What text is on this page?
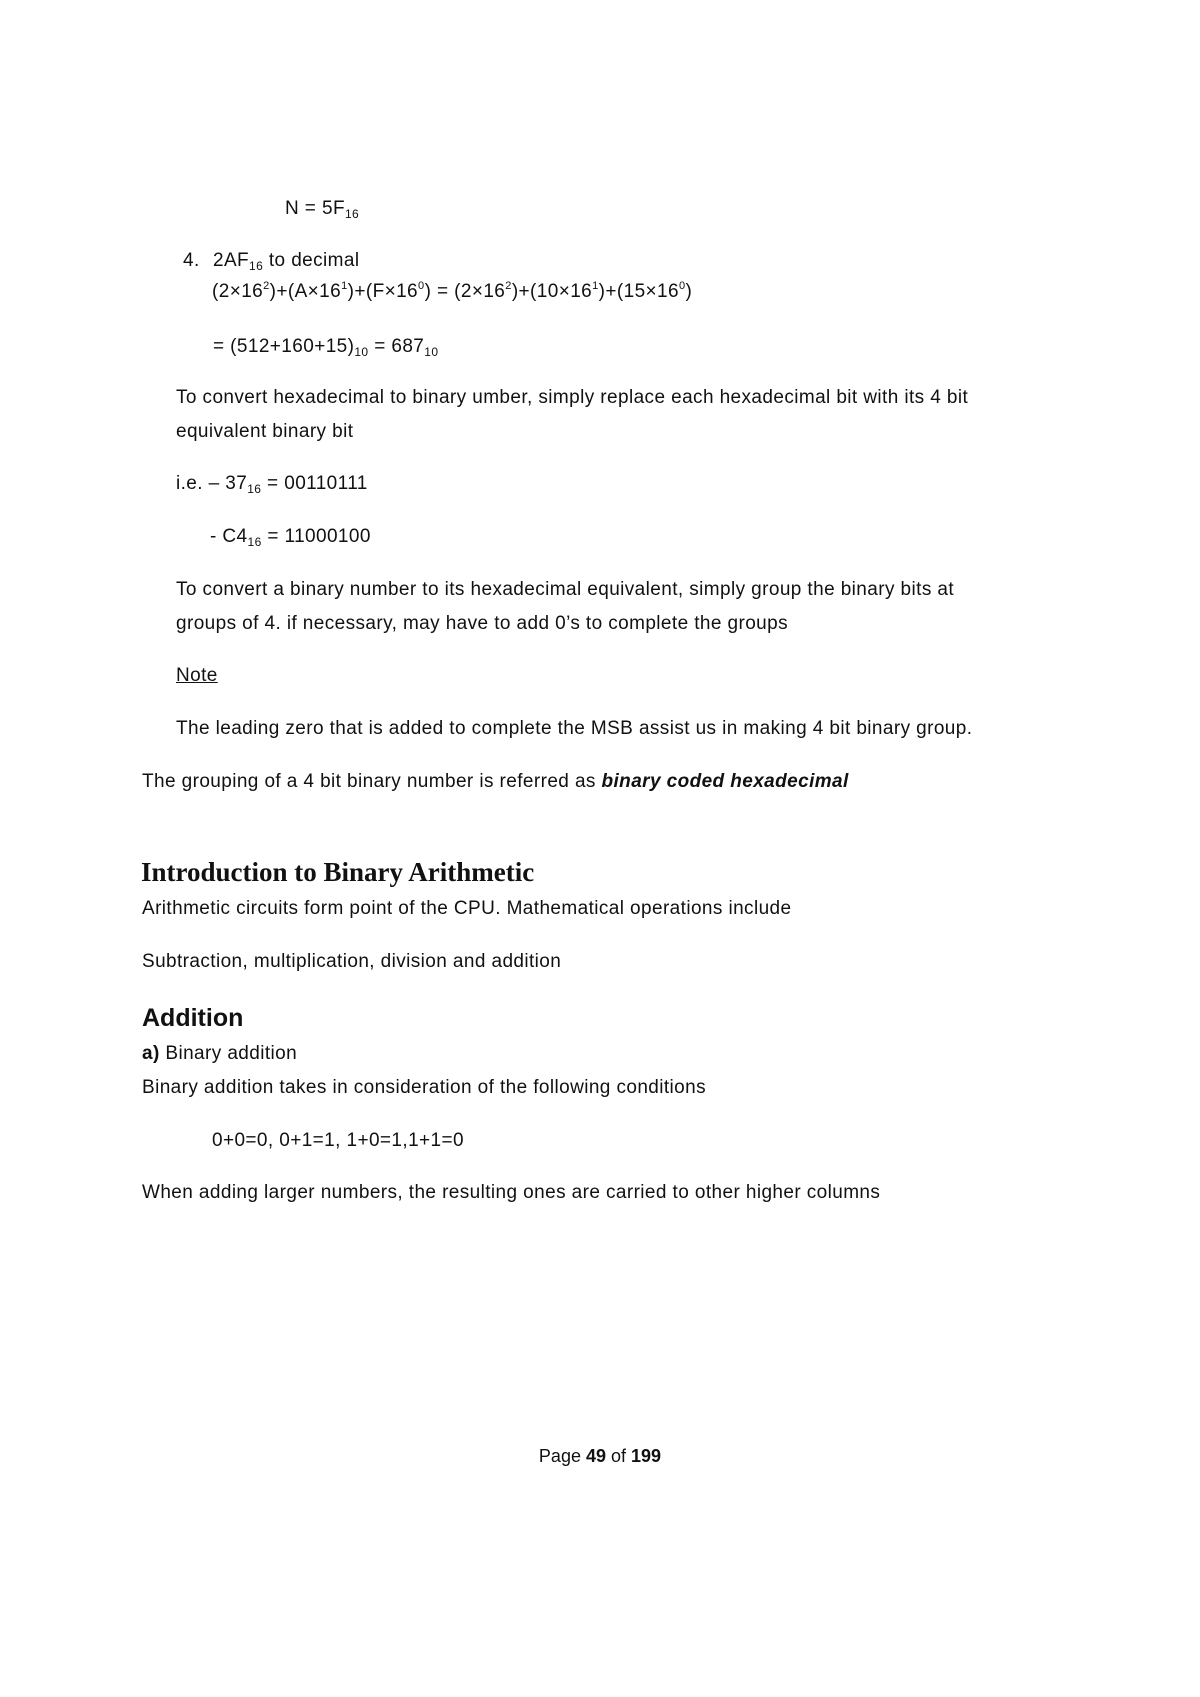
$N = 5F_{16}$
4. $2AF_{16}$ to decimal
$(2\times 16^2)+(A\times 16^1)+(F\times 16^0) = (2\times 16^2)+(10\times 16^1)+(15\times 16^0)$
= $(512+160+15)_{10} = 687_{10}$
To convert hexadecimal to binary umber, simply replace each hexadecimal bit with its 4 bit
equivalent binary bit
i.e. – $37_{16} = 00110111$
- $C4_{16} = 11000100$
To convert a binary number to its hexadecimal equivalent, simply group the binary bits at
groups of 4. if necessary, may have to add 0’s to complete the groups
Note
The leading zero that is added to complete the MSB assist us in making 4 bit binary group.
The grouping of a 4 bit binary number is referred as binary coded hexadecimal
Introduction to Binary Arithmetic
Arithmetic circuits form point of the CPU. Mathematical operations include
Subtraction, multiplication, division and addition
Addition
a) Binary addition
Binary addition takes in consideration of the following conditions
0+0=0, 0+1=1, 1+0=1,1+1=0
When adding larger numbers, the resulting ones are carried to other higher columns
Page 49 of 199
